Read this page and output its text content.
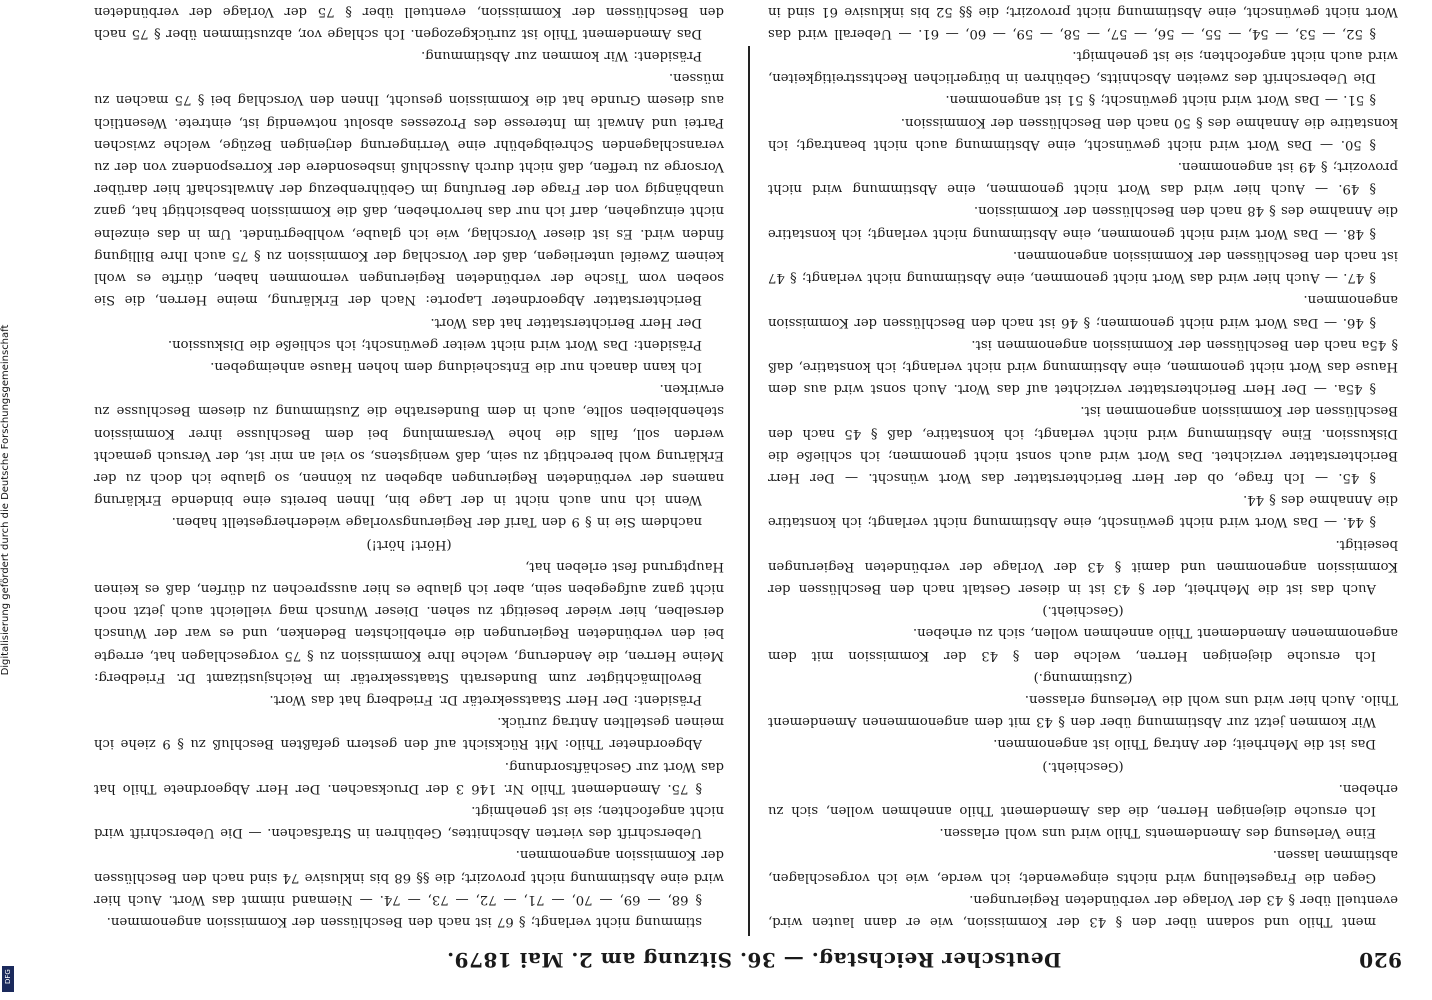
Digitalisierung gefördert durch die Deutsche Forschungsgemeinschaft
DFG
920
Deutscher Reichstag. — 36. Sitzung am 2. Mai 1879.

ment Thilo und sodann über den § 43 der Kommission, wie er dann lauten wird, eventuell über § 43 der Vorlage der verbündeten Regierungen.

Gegen die Fragestellung wird nichts eingewendet; ich werde, wie ich vorgeschlagen, abstimmen lassen.

Eine Verlesung des Amendements Thilo wird uns wohl erlassen.

Ich ersuche diejenigen Herren, die das Amendement Thilo annehmen wollen, sich zu erheben.

(Geschieht.)

Das ist die Mehrheit; der Antrag Thilo ist angenommen.

Wir kommen jetzt zur Abstimmung über den § 43 mit dem angenommenen Amendement Thilo. Auch hier wird uns wohl die Verlesung erlassen.

(Zustimmung.)

Ich ersuche diejenigen Herren, welche den § 43 der Kommission mit dem angenommenen Amendement Thilo annehmen wollen, sich zu erheben.

(Geschieht.)

Auch das ist die Mehrheit, der § 43 ist in dieser Gestalt nach den Beschlüssen der Kommission angenommen und damit § 43 der Vorlage der verbündeten Regierungen beseitigt.

§ 44. — Das Wort wird nicht gewünscht, eine Abstimmung nicht verlangt; ich konstatire die Annahme des § 44.

§ 45. — Ich frage, ob der Herr Berichterstatter das Wort wünscht. — Der Herr Berichterstatter verzichtet. Das Wort wird auch sonst nicht genommen; ich schließe die Diskussion. Eine Abstimmung wird nicht verlangt; ich konstatire, daß § 45 nach den Beschlüssen der Kommission angenommen ist.

§ 45a. — Der Herr Berichterstatter verzichtet auf das Wort. Auch sonst wird aus dem Hause das Wort nicht genommen, eine Abstimmung wird nicht verlangt; ich konstatire, daß § 45a nach den Beschlüssen der Kommission angenommen ist.

§ 46. — Das Wort wird nicht genommen; § 46 ist nach den Beschlüssen der Kommission angenommen.

§ 47. — Auch hier wird das Wort nicht genommen, eine Abstimmung nicht verlangt; § 47 ist nach den Beschlüssen der Kommission angenommen.

§ 48. — Das Wort wird nicht genommen, eine Abstimmung nicht verlangt; ich konstatire die Annahme des § 48 nach den Beschlüssen der Kommission.

§ 49. — Auch hier wird das Wort nicht genommen, eine Abstimmung wird nicht provozirt; § 49 ist angenommen.

§ 50. — Das Wort wird nicht gewünscht, eine Abstimmung auch nicht beantragt; ich konstatire die Annahme des § 50 nach den Beschlüssen der Kommission.

§ 51. — Das Wort wird nicht gewünscht; § 51 ist angenommen.

Die Ueberschrift des zweiten Abschnitts, Gebühren in bürgerlichen Rechtsstreitigkeiten, wird auch nicht angefochten; sie ist genehmigt.

§ 52, — 53, — 54, — 55, — 56, — 57, — 58, — 59, — 60, — 61. — Ueberall wird das Wort nicht gewünscht, eine Abstimmung nicht provozirt; die §§ 52 bis inklusive 61 sind in

stimmung nicht verlangt; § 67 ist nach den Beschlüssen der Kommission angenommen.

§ 68, — 69, — 70, — 71, — 72, — 73, — 74. — Niemand nimmt das Wort. Auch hier wird eine Abstimmung nicht provozirt; die §§ 68 bis inklusive 74 sind nach den Beschlüssen der Kommission angenommen.

Ueberschrift des vierten Abschnittes, Gebühren in Strafsachen. — Die Ueberschrift wird nicht angefochten; sie ist genehmigt.

§ 75. Amendement Thilo Nr. 146 3 der Drucksachen. Der Herr Abgeordnete Thilo hat das Wort zur Geschäftsordnung.

Abgeordneter Thilo: Mit Rücksicht auf den gestern gefaßten Beschluß zu § 9 ziehe ich meinen gestellten Antrag zurück.

Präsident: Der Herr Staatssekretär Dr. Friedberg hat das Wort.

Bevollmächtigter zum Bundesrath Staatssekretär im Reichsjustizamt Dr. Friedberg: Meine Herren, die Aenderung, welche Ihre Kommission zu § 75 vorgeschlagen hat, erregte bei den verbündeten Regierungen die erheblichsten Bedenken, und es war der Wunsch derselben, hier wieder beseitigt zu sehen. Dieser Wunsch mag vielleicht auch jetzt noch nicht ganz aufgegeben sein, aber ich glaube es hier aussprechen zu dürfen, daß es keinen Hauptgrund fest erleben hat,

(Hört! hört!)

nachdem Sie in § 9 den Tarif der Regierungsvorlage wiederhergestellt haben.

Wenn ich nun auch nicht in der Lage bin, Ihnen bereits eine bindende Erklärung namens der verbündeten Regierungen abgeben zu können, so glaube ich doch zu der Erklärung wohl berechtigt zu sein, daß wenigstens, so viel an mir ist, der Versuch gemacht werden soll, falls die hohe Versammlung bei dem Beschlusse ihrer Kommission stehenbleiben sollte, auch in dem Bundesrathe die Zustimmung zu diesem Beschlusse zu erwirken.

Ich kann danach nur die Entscheidung dem hohen Hause anheimgeben.

Präsident: Das Wort wird nicht weiter gewünscht; ich schließe die Diskussion.

Der Herr Berichterstatter hat das Wort.

Berichterstatter Abgeordneter Laporte: Nach der Erklärung, meine Herren, die Sie soeben vom Tische der verbündeten Regierungen vernommen haben, dürfte es wohl keinem Zweifel unterliegen, daß der Vorschlag der Kommission zu § 75 auch Ihre Billigung finden wird. Es ist dieser Vorschlag, wie ich glaube, wohlbegründet. Um in das einzelne nicht einzugehen, darf ich nur das hervorheben, daß die Kommission beabsichtigt hat, ganz unabhängig von der Frage der Berufung im Gebührenbezug der Anwaltschaft hier darüber Vorsorge zu treffen, daß nicht durch Ausschluß insbesondere der Korrespondenz von der zu veranschlagenden Schreibgebühr eine Verringerung derjenigen Bezüge, welche zwischen Partei und Anwalt im Interesse des Prozesses absolut notwendig ist, eintrete. Wesentlich aus diesem Grunde hat die Kommission gesucht, Ihnen den Vorschlag bei § 75 machen zu müssen.

Präsident: Wir kommen zur Abstimmung.

Das Amendement Thilo ist zurückgezogen. Ich schlage vor, abzustimmen über § 75 nach den Beschlüssen der Kommission, eventuell über § 75 der Vorlage der verbündeten
